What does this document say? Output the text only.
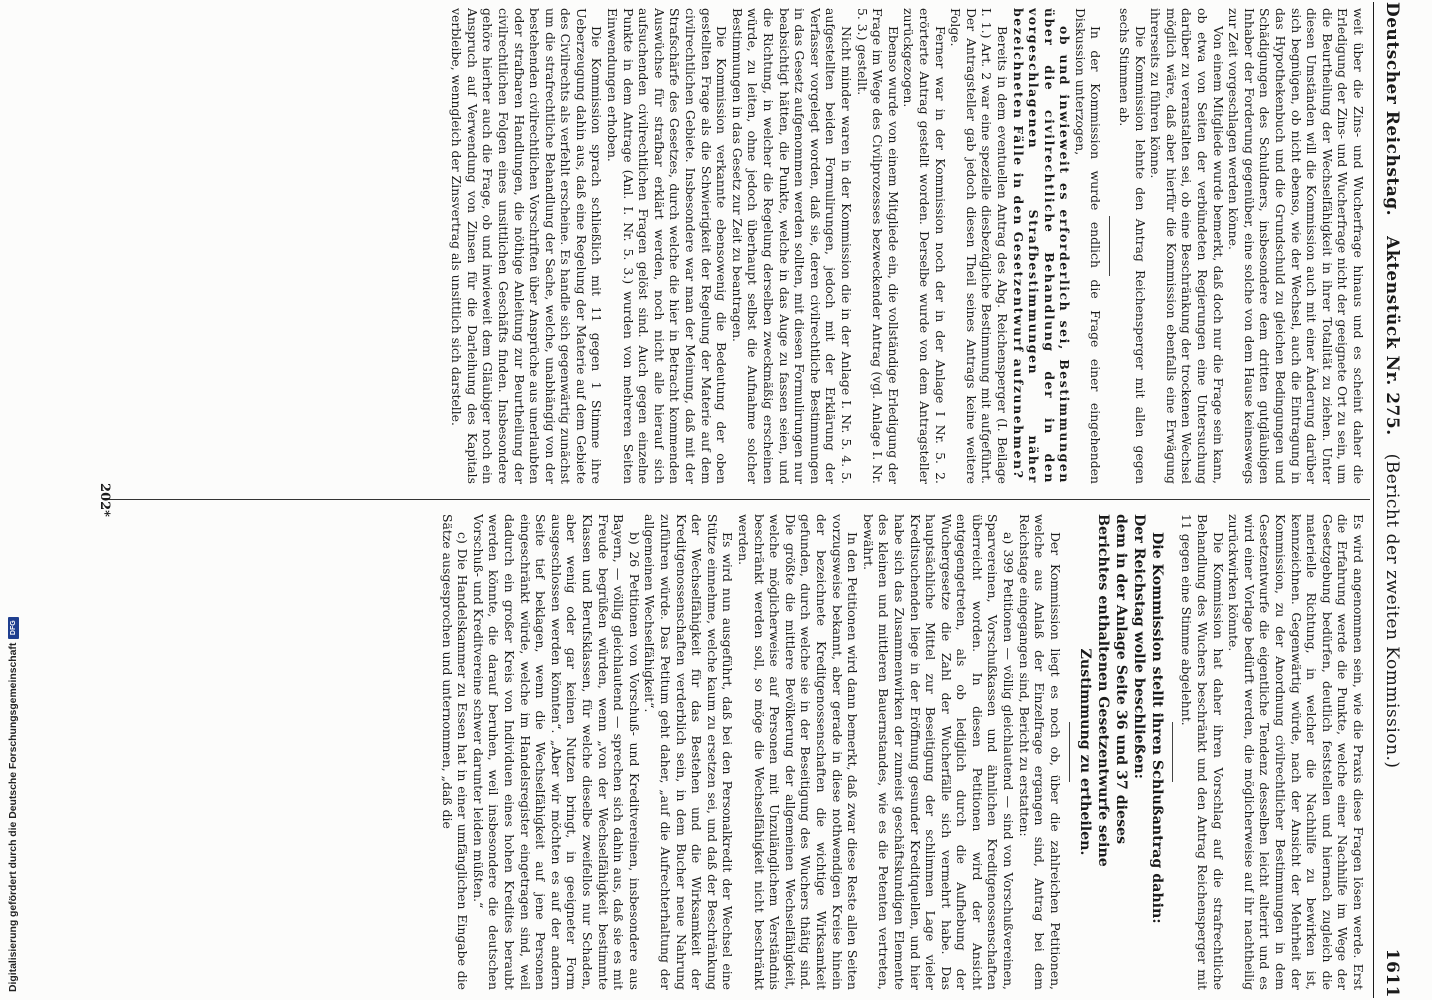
Deutscher Reichstag.
Aktenstück Nr. 275.
(Bericht der zweiten Kommission.)
1611

weit über die Zins- und Wucherfrage hinaus und es scheint daher die Erledigung der Zins- und Wucherfrage nicht der geeignete Ort zu sein, um die Beurtheilung der Wechselfähigkeit in ihrer Totalität zu ziehen. Unter diesen Umständen will die Kommission auch mit einer Änderung darüber sich begnügen, ob nicht ebenso, wie der Wechsel, auch die Eintragung in das Hypothekenbuch und die Grundschuld zu gleichen Bedingungen und Schädigungen des Schuldners, insbesondere dem dritten gutgläubigen Inhaber der Forderung gegenüber, eine solche von dem Hause keineswegs zur Zeit vorgeschlagen werden könne.

Von einem Mitgliede wurde bemerkt, daß doch nur die Frage sein kann, ob etwa von Seiten der verbündeten Regierungen eine Untersuchung darüber zu veranstalten sei, ob eine Beschränkung der trockenen Wechsel möglich wäre, daß aber hierfür die Kommission ebenfalls eine Erwägung ihrerseits zu führen könne.

Die Kommission lehnte den Antrag Reichensperger mit allen gegen sechs Stimmen ab.

In der Kommission wurde endlich die Frage einer eingehenden Diskussion unterzogen,

ob und inwieweit es erforderlich sei, Bestimmungen über die civilrechtliche Behandlung der in den vorgeschlagenen Strafbestimmungen näher bezeichneten Fälle in den Gesetzentwurf aufzunehmen?

Bereits in dem eventuellen Antrag des Abg. Reichensperger (I. Beilage I. 1.) Art. 2 war eine spezielle diesbezügliche Bestimmung mit aufgeführt. Der Antragsteller gab jedoch diesen Theil seines Antrags keine weitere Folge.

Ferner war in der Kommission noch der in der Anlage I Nr. 5. 2. erörterte Antrag gestellt worden. Derselbe wurde von dem Antragsteller zurückgezogen.

Ebenso wurde von einem Mitgliede ein, die vollständige Erledigung der Frage im Wege des Civilprozesses bezweckender Antrag (vgl. Anlage I. Nr. 5. 3.) gestellt.

Nicht minder waren in der Kommission die in der Anlage I. Nr. 5. 4. 5. aufgestellten beiden Formulirungen, jedoch mit der Erklärung der Verfasser vorgelegt worden, daß sie, deren civilrechtliche Bestimmungen in das Gesetz aufgenommen werden sollten, mit diesen Formulirungen nur beabsichtigt hätten, die Punkte, welche in das Auge zu fassen seien, und die Richtung, in welcher die Regelung derselben zweckmäßig erscheinen würde, zu leiten, ohne jedoch überhaupt selbst die Aufnahme solcher Bestimmungen in das Gesetz zur Zeit zu beantragen.

Die Kommission verkannte ebensowenig die Bedeutung der oben gestellten Frage als die Schwierigkeit der Regelung der Materie auf dem civilrechtlichen Gebiete. Insbesondere war man der Meinung, daß mit der Strafschärfe des Gesetzes, durch welche die hier in Betracht kommenden Auswüchse für strafbar erklärt werden, noch nicht alle hierauf sich aufsuchenden civilrechtlichen Fragen gelöst sind. Auch gegen einzelne Punkte in dem Antrage (Anl. I. Nr. 5. 3.) wurden von mehreren Seiten Einwendungen erhoben.

Die Kommission sprach schließlich mit 11 gegen 1 Stimme ihre Ueberzeugung dahin aus, daß eine Regelung der Materie auf dem Gebiete des Civilrechts als verfehlt erscheine. Es handle sich gegenwärtig zunächst um die strafrechtliche Behandlung der Sache, welche, unabhängig von der bestehenden civilrechtlichen Vorschriften über Ansprüche aus unerlaubten oder strafbaren Handlungen, die nöthige Anleitung zur Beurtheilung der civilrechtlichen Folgen eines unsittlichen Geschäfts finden. Insbesondere gehöre hierher auch die Frage, ob und inwieweit dem Gläubiger noch ein Anspruch auf Verwendung von Zinsen für die Darleihung des Kapitals verbleibe, wenngleich der Zinsvertrag als unsittlich sich darstelle.

Es wird angenommen sein, wie die Praxis diese Fragen lösen werde. Erst die Erfahrung werde die Punkte, welche einer Nachhilfe im Wege der Gesetzgebung bedürfen, deutlich feststellen und hiernach zugleich die materielle Richtung, in welcher die Nachhilfe zu bewirken ist, kennzeichnen. Gegenwärtig würde, nach der Ansicht der Mehrheit der Kommission, zu der Anordnung civilrechtlicher Bestimmungen in dem Gesetzentwurfe die eigentliche Tendenz desselben leicht alterirt und es wird einer Vorlage bedürft werden, die möglicherweise auf ihr nachtheilig zurückwirken könnte.

Die Kommission hat daher ihren Vorschlag auf die strafrechtliche Behandlung des Wuchers beschränkt und den Antrag Reichensperger mit 11 gegen eine Stimme abgelehnt.

Die Kommission stellt ihren Schlußantrag dahin:
Der Reichstag wolle beschließen:
dem in der Anlage Seite 36 und 37 dieses
Berichtes enthaltenen Gesetzentwurfe seine
Zustimmung zu ertheilen.

Der Kommission liegt es noch ob, über die zahlreichen Petitionen, welche aus Anlaß der Einzelfrage ergangen sind, Antrag bei dem Reichstage eingegangen sind, Bericht zu erstatten:

a) 399 Petitionen — völlig gleichlautend — sind von Vorschußvereinen, Sparvereinen, Vorschußkassen und ähnlichen Kreditgenossenschaften überreicht worden. In diesen Petitionen wird der Ansicht entgegengetreten, als ob lediglich durch die Aufhebung der Wuchergesetze die Zahl der Wucherfälle sich vermehrt habe. Das hauptsächliche Mittel zur Beseitigung der schlimmen Lage vieler Kreditsuchenden liege in der Eröffnung gesunder Kreditquellen, und hier habe sich das Zusammenwirken der zumeist geschäftskundigen Elemente des kleinen und mittleren Bauernstandes, wie es die Petenten vertreten, bewährt.

In den Petitionen wird dann bemerkt, daß zwar diese Reste allen Seiten vorzugsweise bekannt, aber gerade in diese nothwendigen Kreise hinein der bezeichnete Kreditgenossenschaften die wichtige Wirksamkeit gefunden, durch welche sie in der Beseitigung des Wuchers thätig sind. Die größte die mittlere Bevölkerung der allgemeinen Wechselfähigkeit, welche möglicherweise auf Personen mit Unzulänglichem Verständnis beschränkt werden soll, so möge die Wechselfähigkeit nicht beschränkt werden.

Es wird nun ausgeführt, daß bei den Personalkredit der Wechsel eine Stütze einnehme, welche kaum zu ersetzen sei, und daß der Beschränkung der Wechselfähigkeit für das Bestehen und die Wirksamkeit der Kreditgenossenschaften verderblich sein, in dem Bucher neue Nahrung zuführen würde. Das Petitum geht daher, „auf die Aufrechterhaltung der allgemeinen Wechselfähigkeit“.

b) 26 Petitionen von Vorschuß- und Kreditvereinen, insbesondere aus Bayern, — völlig gleichlautend — sprechen sich dahin aus, daß sie es mit Freude begrüßen würden, wenn „von der Wechselfähigkeit bestimmte Klassen und Berufsklassen, für welche dieselbe zweifellos nur Schaden, aber wenig oder gar keinen Nutzen bringt, in geeigneter Form ausgeschlossen werden könnten“. „Aber wir möchten es auf der andern Seite tief beklagen, wenn die Wechselfähigkeit auf jene Personen eingeschränkt würde, welche im Handelsregister eingetragen sind, weil dadurch ein großer Kreis von Individuen eines hohen Kredites beraubt werden könnte, die darauf beruhen, weil insbesondere die deutschen Vorschuß- und Kreditvereine schwer darunter leiden müßten.“

c) Die Handelskammer zu Essen hat in einer umfänglichen Eingabe die Sätze ausgesprochen und unternommen, „daß die

202*
Digitalisierung gefördert durch die Deutsche Forschungsgemeinschaft
DFG
